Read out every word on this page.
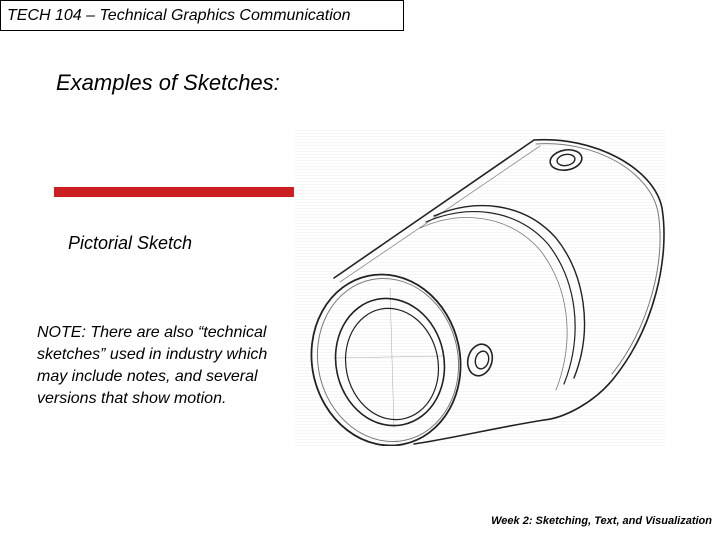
TECH 104 – Technical Graphics Communication
Examples of Sketches:
Pictorial Sketch
NOTE: There are also “technical sketches” used in industry which may include notes, and several versions that show motion.
Week 2: Sketching, Text, and Visualization
